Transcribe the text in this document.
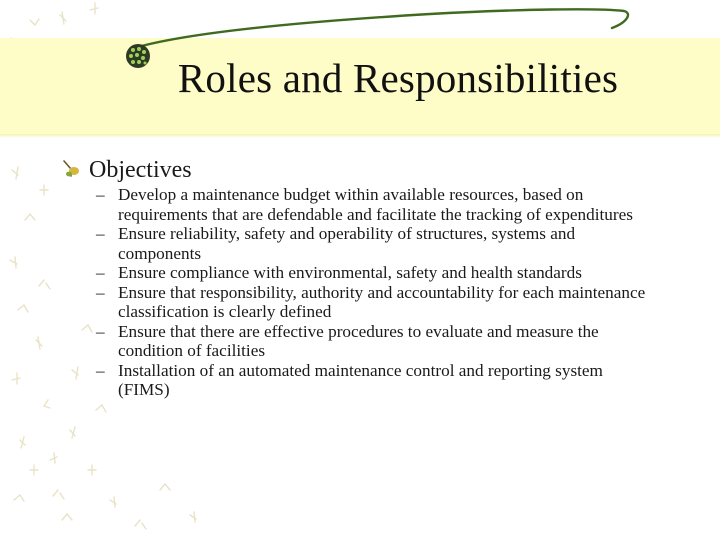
Roles and Responsibilities
Objectives
– Develop a maintenance budget within available resources, based on requirements that are defendable and facilitate the tracking of expenditures
– Ensure reliability, safety and operability of structures, systems and components
– Ensure compliance with environmental, safety and health standards
– Ensure that responsibility, authority and accountability for each maintenance classification is clearly defined
– Ensure that there are effective procedures to evaluate and measure the condition of facilities
– Installation of an automated maintenance control and reporting system (FIMS)
